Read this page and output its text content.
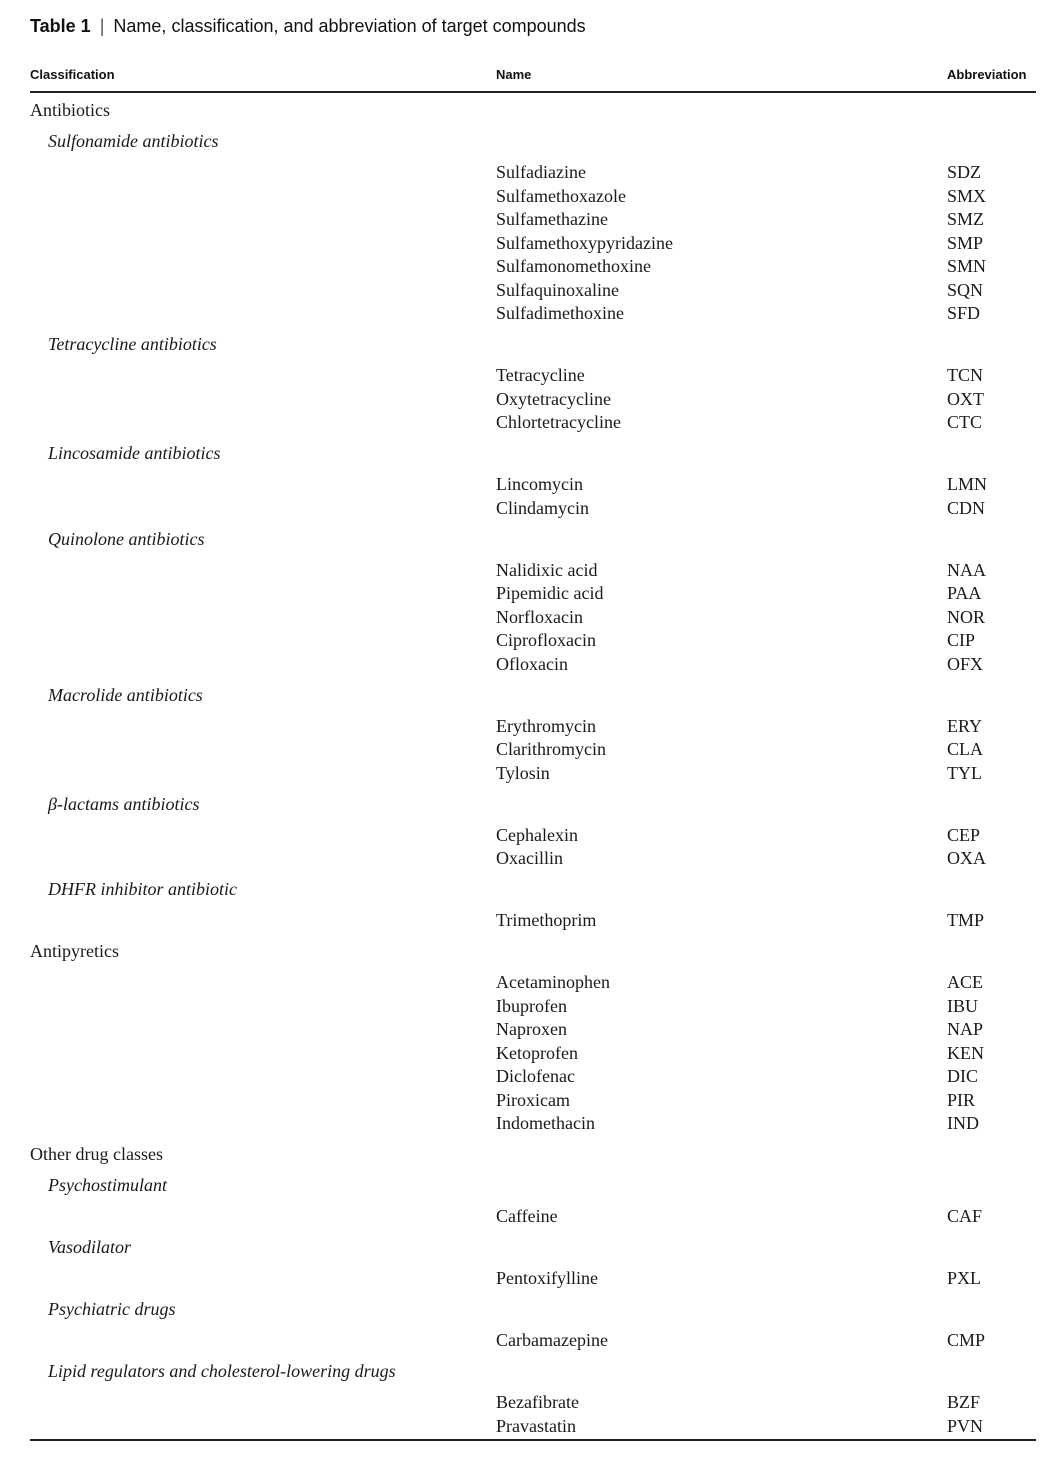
Table 1 | Name, classification, and abbreviation of target compounds
Classification	Name	Abbreviation
Antibiotics
Sulfonamide antibiotics
Sulfadiazine	SDZ
Sulfamethoxazole	SMX
Sulfamethazine	SMZ
Sulfamethoxypyridazine	SMP
Sulfamonomethoxine	SMN
Sulfaquinoxaline	SQN
Sulfadimethoxine	SFD
Tetracycline antibiotics
Tetracycline	TCN
Oxytetracycline	OXT
Chlortetracycline	CTC
Lincosamide antibiotics
Lincomycin	LMN
Clindamycin	CDN
Quinolone antibiotics
Nalidixic acid	NAA
Pipemidic acid	PAA
Norfloxacin	NOR
Ciprofloxacin	CIP
Ofloxacin	OFX
Macrolide antibiotics
Erythromycin	ERY
Clarithromycin	CLA
Tylosin	TYL
β-lactams antibiotics
Cephalexin	CEP
Oxacillin	OXA
DHFR inhibitor antibiotic
Trimethoprim	TMP
Antipyretics
Acetaminophen	ACE
Ibuprofen	IBU
Naproxen	NAP
Ketoprofen	KEN
Diclofenac	DIC
Piroxicam	PIR
Indomethacin	IND
Other drug classes
Psychostimulant
Caffeine	CAF
Vasodilator
Pentoxifylline	PXL
Psychiatric drugs
Carbamazepine	CMP
Lipid regulators and cholesterol-lowering drugs
Bezafibrate	BZF
Pravastatin	PVN
